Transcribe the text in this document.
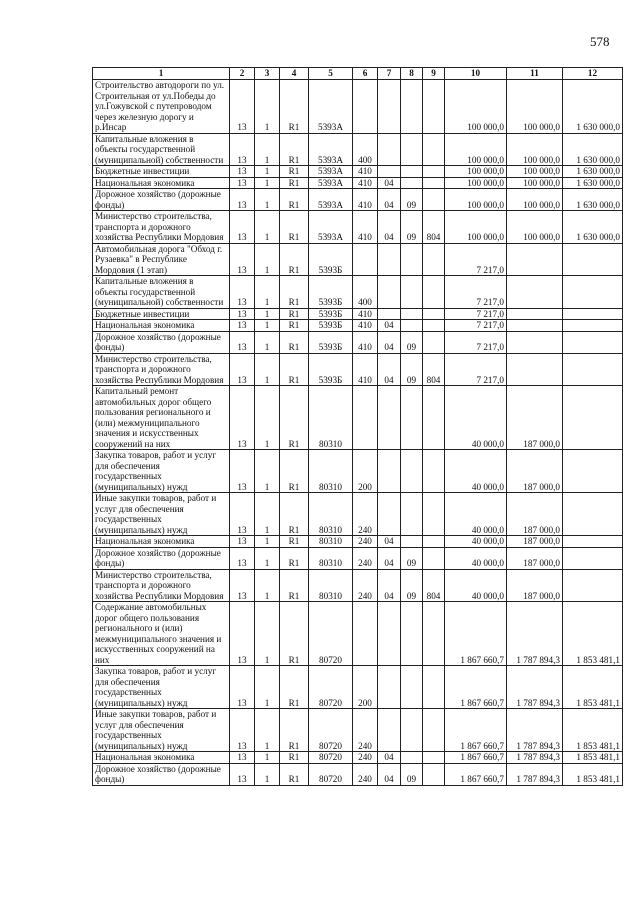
578
1	2	3	4	5	6	7	8	9	10	11	12
Строительство автодороги по ул. Строительная от ул.Победы до ул.Гожувской с путепроводом через железную дорогу и р.Инсар	13	1	R1	5393А					100 000,0	100 000,0	1 630 000,0
Капитальные вложения в объекты государственной (муниципальной) собственности	13	1	R1	5393А	400				100 000,0	100 000,0	1 630 000,0
Бюджетные инвестиции	13	1	R1	5393А	410				100 000,0	100 000,0	1 630 000,0
Национальная экономика	13	1	R1	5393А	410	04			100 000,0	100 000,0	1 630 000,0
Дорожное хозяйство (дорожные фонды)	13	1	R1	5393А	410	04	09		100 000,0	100 000,0	1 630 000,0
Министерство строительства, транспорта и дорожного хозяйства Республики Мордовия	13	1	R1	5393А	410	04	09	804	100 000,0	100 000,0	1 630 000,0
Автомобильная дорога "Обход г. Рузаевка" в Республике Мордовия (1 этап)	13	1	R1	5393Б					7 217,0		
Капитальные вложения в объекты государственной (муниципальной) собственности	13	1	R1	5393Б	400				7 217,0		
Бюджетные инвестиции	13	1	R1	5393Б	410				7 217,0		
Национальная экономика	13	1	R1	5393Б	410	04			7 217,0		
Дорожное хозяйство (дорожные фонды)	13	1	R1	5393Б	410	04	09		7 217,0		
Министерство строительства, транспорта и дорожного хозяйства Республики Мордовия	13	1	R1	5393Б	410	04	09	804	7 217,0		
Капитальный ремонт автомобильных дорог общего пользования регионального и (или) межмуниципального значения и искусственных сооружений на них	13	1	R1	80310					40 000,0	187 000,0	
Закупка товаров, работ и услуг для обеспечения государственных (муниципальных) нужд	13	1	R1	80310	200				40 000,0	187 000,0	
Иные закупки товаров, работ и услуг для обеспечения государственных (муниципальных) нужд	13	1	R1	80310	240				40 000,0	187 000,0	
Национальная экономика	13	1	R1	80310	240	04			40 000,0	187 000,0	
Дорожное хозяйство (дорожные фонды)	13	1	R1	80310	240	04	09		40 000,0	187 000,0	
Министерство строительства, транспорта и дорожного хозяйства Республики Мордовия	13	1	R1	80310	240	04	09	804	40 000,0	187 000,0	
Содержание автомобильных дорог общего пользования регионального и (или) межмуниципального значения и искусственных сооружений на них	13	1	R1	80720					1 867 660,7	1 787 894,3	1 853 481,1
Закупка товаров, работ и услуг для обеспечения государственных (муниципальных) нужд	13	1	R1	80720	200				1 867 660,7	1 787 894,3	1 853 481,1
Иные закупки товаров, работ и услуг для обеспечения государственных (муниципальных) нужд	13	1	R1	80720	240				1 867 660,7	1 787 894,3	1 853 481,1
Национальная экономика	13	1	R1	80720	240	04			1 867 660,7	1 787 894,3	1 853 481,1
Дорожное хозяйство (дорожные фонды)	13	1	R1	80720	240	04	09		1 867 660,7	1 787 894,3	1 853 481,1
